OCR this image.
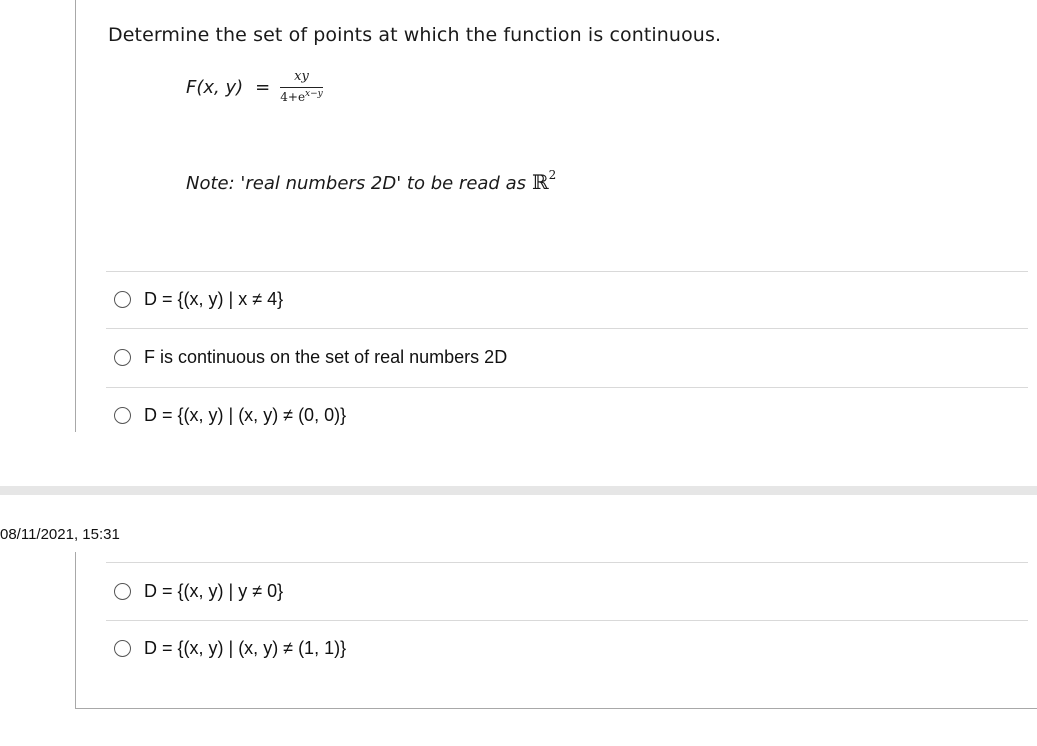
Determine the set of points at which the function is continuous.
F(x, $y) = \frac{xy}{4+e^{x-y}}$
Note: 'real numbers 2D' to be read as ℝ$^2$
D = {(x, y) | x ≠ 4}
F is continuous on the set of real numbers 2D
D = {(x, y) | (x, y) ≠ (0, 0)}
08/11/2021, 15:31
D = {(x, y) | y ≠ 0}
D = {(x, y) | (x, y) ≠ (1, 1)}
